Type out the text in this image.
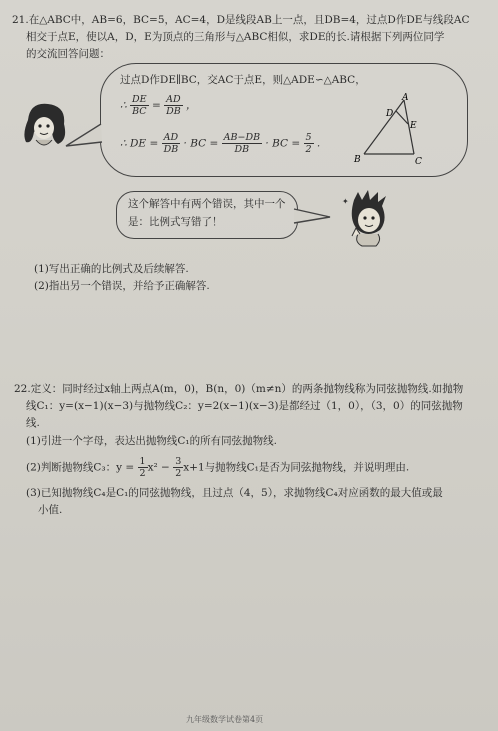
21.在△ABC中，AB=6，BC=5，AC=4，D是线段AB上一点，且DB=4，过点D作DE与线段AC
相交于点E，使以A，D，E为顶点的三角形与△ABC相似，求DE的长.请根据下列两位同学
的交流回答问题：
过点D作DE∥BC，交AC于点E，则△ADE∽△ABC，
∴ $\frac{DE}{BC} = \frac{AD}{DB}$ ，
∴ DE = $\frac{AD}{DB}$ · BC = $\frac{AB-DB}{DB}$ · BC = $\frac{5}{2}$ .
A
D
E
B	C
这个解答中有两个错误，其中一个
是：比例式写错了！
✦
(1)写出正确的比例式及后续解答.
(2)指出另一个错误，并给予正确解答.
22.定义：同时经过x轴上两点A(m，0)，B(n，0)（m≠n）的两条抛物线称为同弦抛物线.如抛物
线C₁：y=(x−1)(x−3)与抛物线C₂：y=2(x−1)(x−3)是都经过（1，0），（3，0）的同弦抛物
线.
(1)引进一个字母，表达出抛物线C₁的所有同弦抛物线.
(2)判断抛物线C₃：$y = \frac{1}{2} x^2 - \frac{3}{2} x+1$与抛物线C₁是否为同弦抛物线，并说明理由.
(3)已知抛物线C₄是C₁的同弦抛物线，且过点（4，5），求抛物线C₄对应函数的最大值或最
小值.
九年级数学试卷第4页
